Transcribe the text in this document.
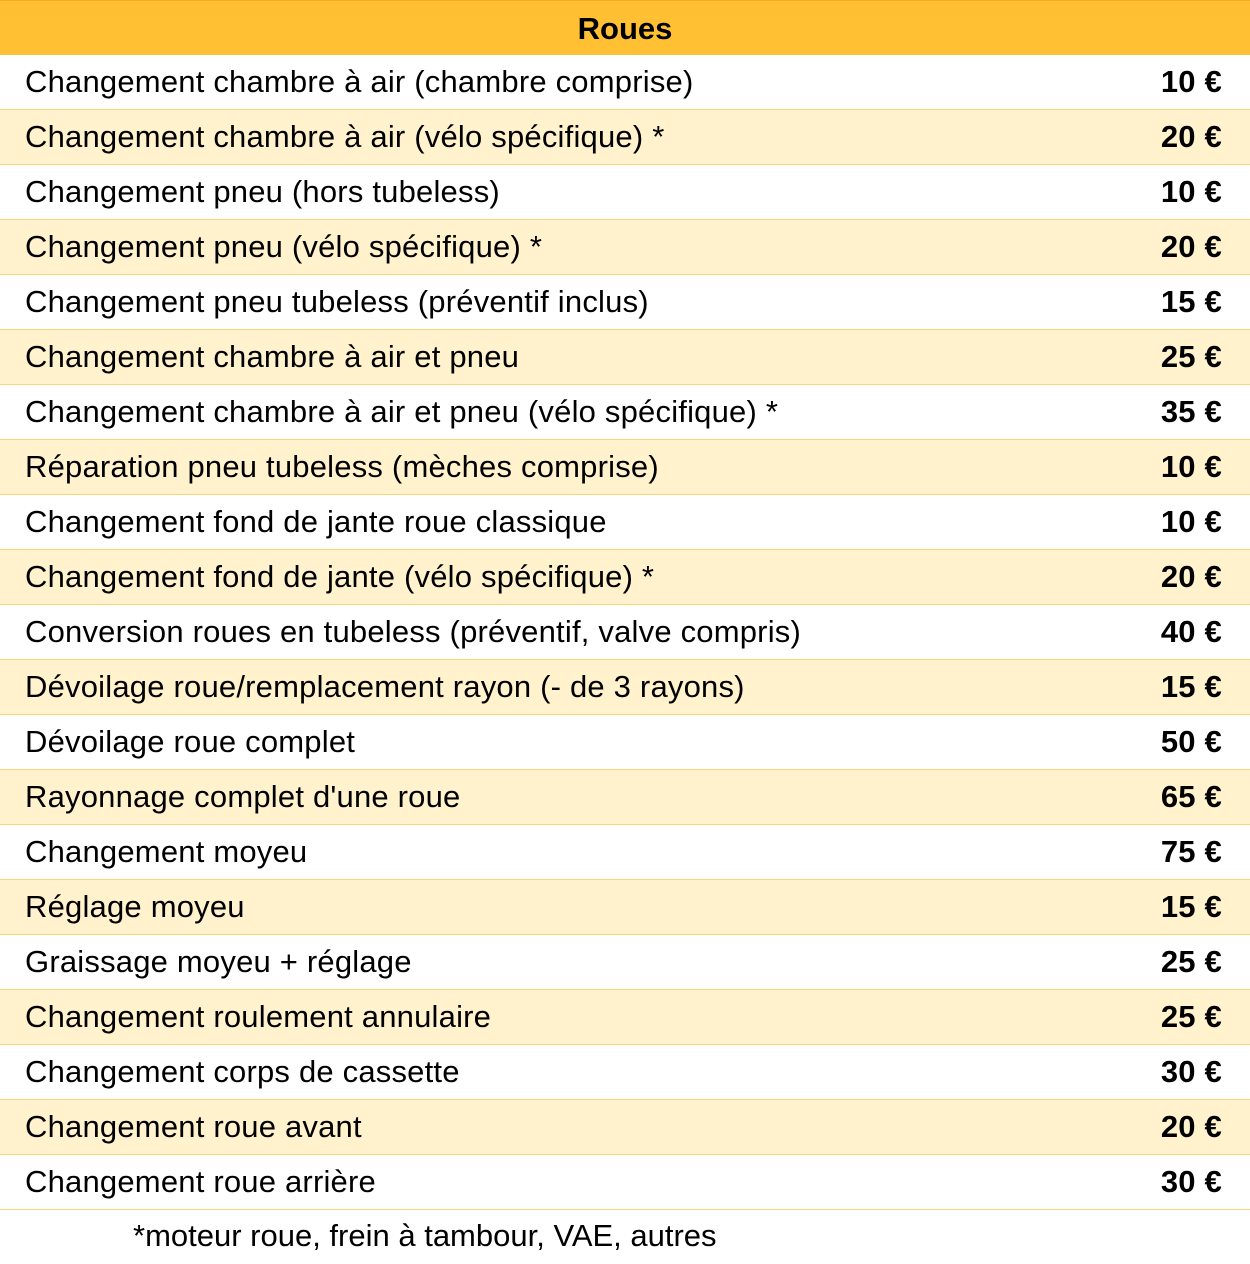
Roues
Changement chambre à air (chambre comprise)	10 €
Changement chambre à air (vélo spécifique) *	20 €
Changement pneu (hors tubeless)	10 €
Changement pneu (vélo spécifique) *	20 €
Changement pneu tubeless (préventif inclus)	15 €
Changement chambre à air et pneu	25 €
Changement chambre à air et pneu (vélo spécifique) *	35 €
Réparation pneu tubeless (mèches comprise)	10 €
Changement fond de jante roue classique	10 €
Changement fond de jante (vélo spécifique) *	20 €
Conversion roues en tubeless (préventif, valve compris)	40 €
Dévoilage roue/remplacement rayon (- de 3 rayons)	15 €
Dévoilage roue complet	50 €
Rayonnage complet d'une roue	65 €
Changement moyeu	75 €
Réglage moyeu	15 €
Graissage moyeu + réglage	25 €
Changement roulement annulaire	25 €
Changement corps de cassette	30 €
Changement roue avant	20 €
Changement roue arrière	30 €
*moteur roue, frein à tambour, VAE, autres
